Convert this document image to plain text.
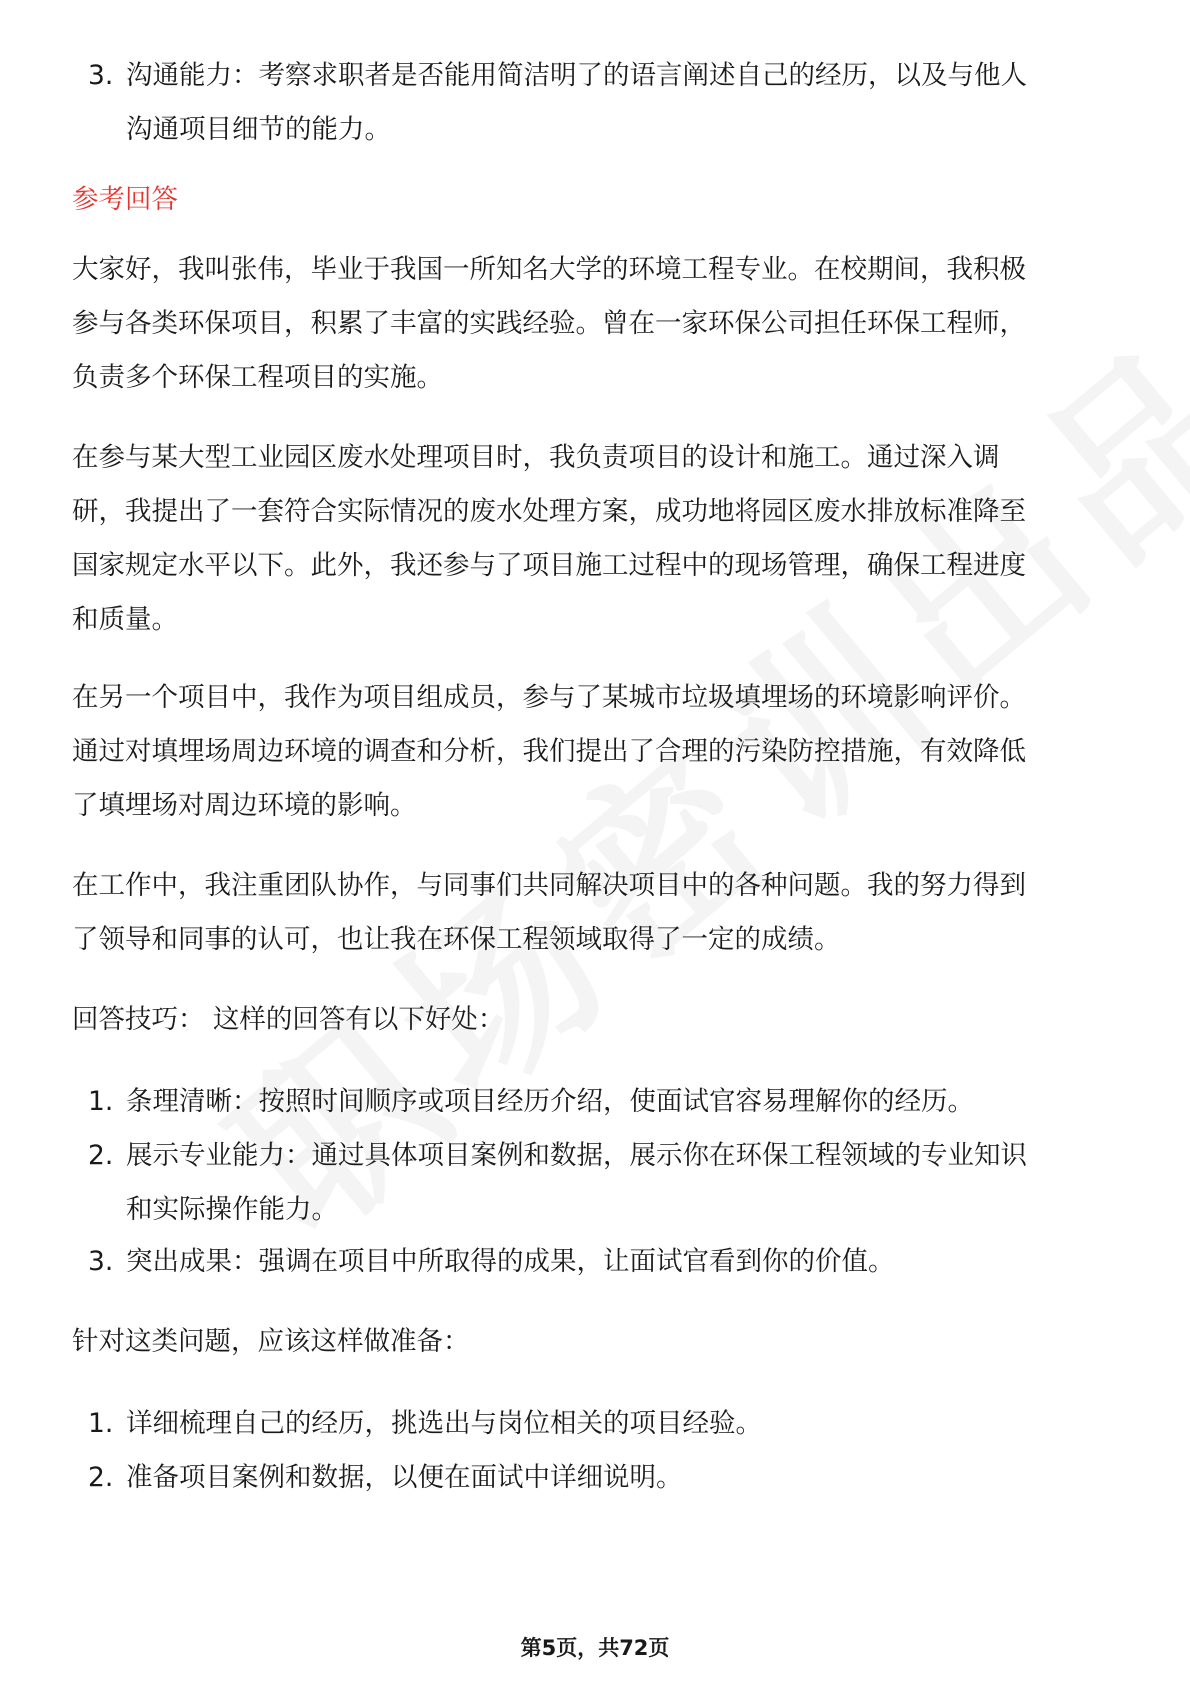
3. 沟通能力：考察求职者是否能用简洁明了的语言阐述自己的经历，以及与他人
沟通项目细节的能力。
参考回答
大家好，我叫张伟，毕业于我国一所知名大学的环境工程专业。在校期间，我积极
参与各类环保项目，积累了丰富的实践经验。曾在一家环保公司担任环保工程师，
负责多个环保工程项目的实施。
在参与某大型工业园区废水处理项目时，我负责项目的设计和施工。通过深入调
研，我提出了一套符合实际情况的废水处理方案，成功地将园区废水排放标准降至
国家规定水平以下。此外，我还参与了项目施工过程中的现场管理，确保工程进度
和质量。
在另一个项目中，我作为项目组成员，参与了某城市垃圾填埋场的环境影响评价。
通过对填埋场周边环境的调查和分析，我们提出了合理的污染防控措施，有效降低
了填埋场对周边环境的影响。
在工作中，我注重团队协作，与同事们共同解决项目中的各种问题。我的努力得到
了领导和同事的认可，也让我在环保工程领域取得了一定的成绩。
回答技巧： 这样的回答有以下好处：
1. 条理清晰：按照时间顺序或项目经历介绍，使面试官容易理解你的经历。
2. 展示专业能力：通过具体项目案例和数据，展示你在环保工程领域的专业知识
和实际操作能力。
3. 突出成果：强调在项目中所取得的成果，让面试官看到你的价值。
针对这类问题，应该这样做准备：
1. 详细梳理自己的经历，挑选出与岗位相关的项目经验。
2. 准备项目案例和数据，以便在面试中详细说明。
第5页，共72页
